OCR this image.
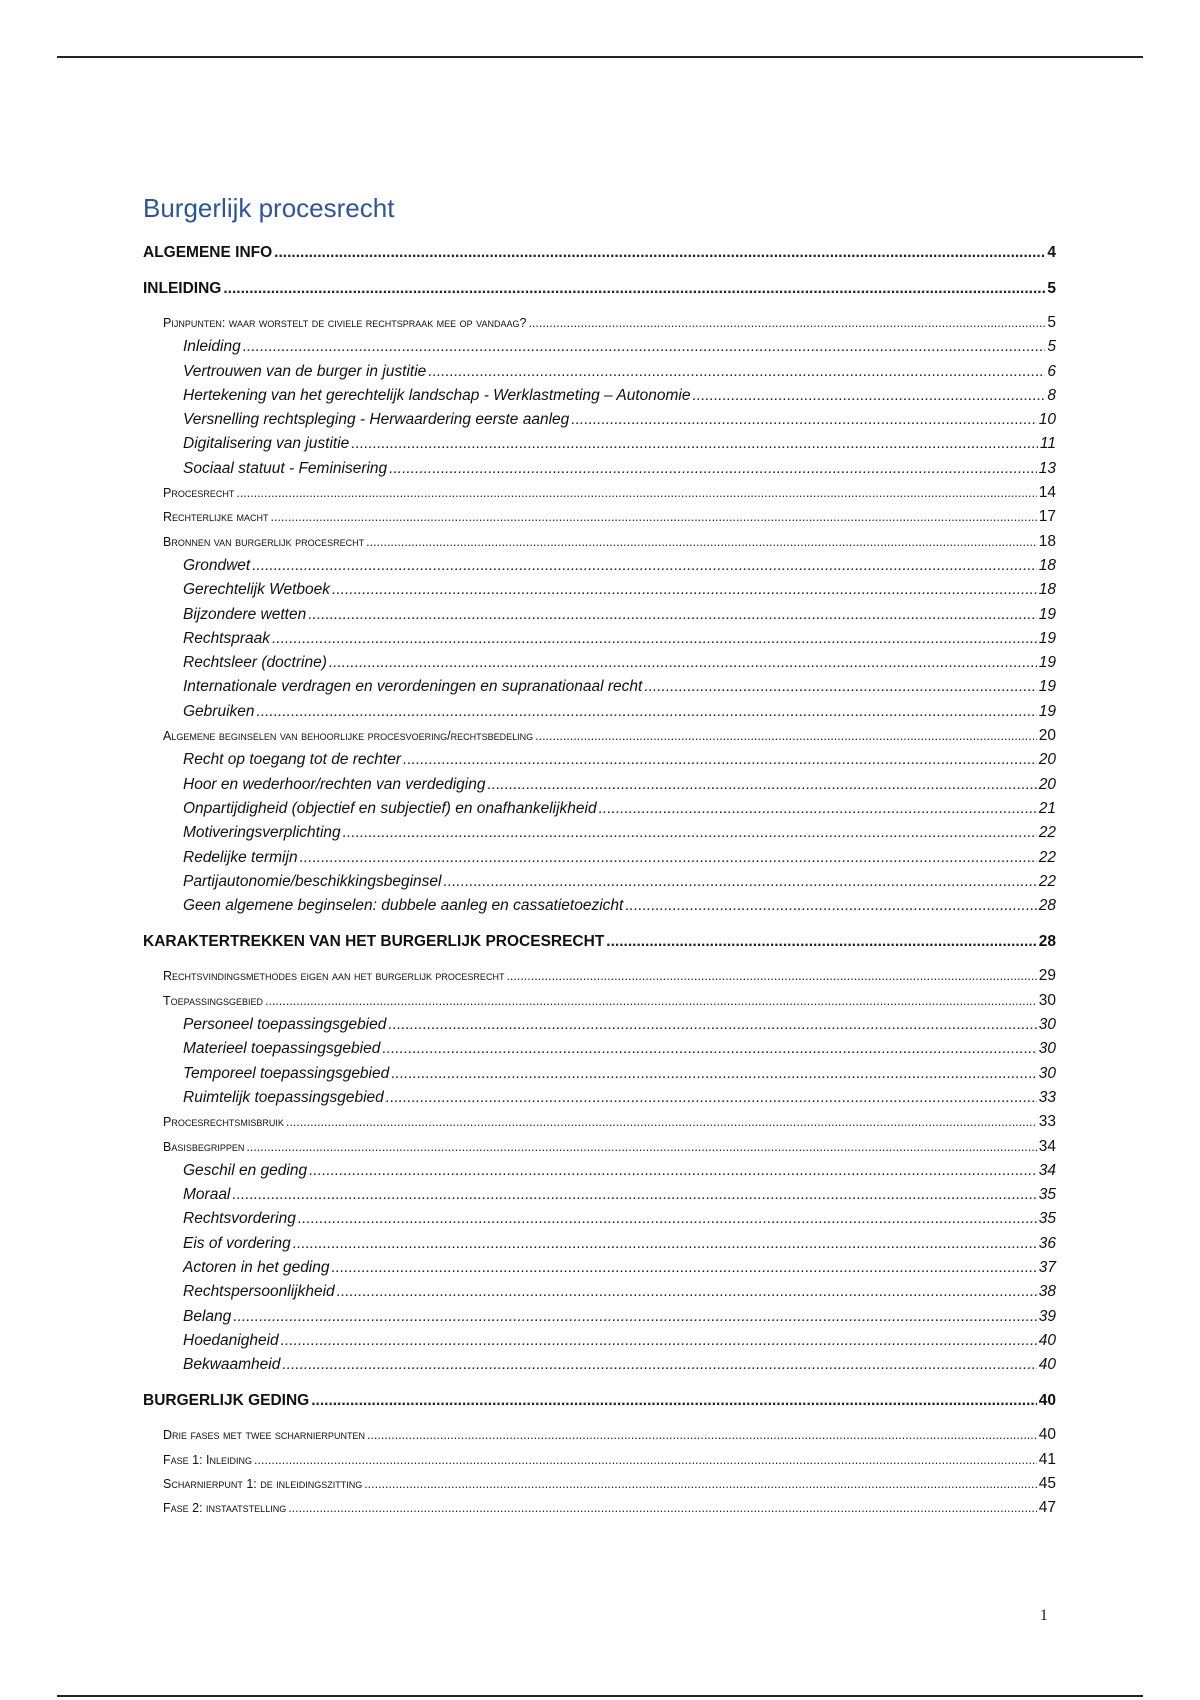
Burgerlijk procesrecht
ALGEMENE INFO .....	4
INLEIDING .....	5
Pijnpunten: waar worstelt de civiele rechtspraak mee op vandaag? .....	5
Inleiding .....	5
Vertrouwen van de burger in justitie .....	6
Hertekening van het gerechtelijk landschap - Werklastmeting – Autonomie .....	8
Versnelling rechtspleging - Herwaardering eerste aanleg .....	10
Digitalisering van justitie .....	11
Sociaal statuut - Feminisering .....	13
Procesrecht .....	14
Rechterlijke macht .....	17
Bronnen van burgerlijk procesrecht .....	18
Grondwet .....	18
Gerechtelijk Wetboek .....	18
Bijzondere wetten .....	19
Rechtspraak .....	19
Rechtsleer (doctrine) .....	19
Internationale verdragen en verordeningen en supranationaal recht .....	19
Gebruiken .....	19
Algemene beginselen van behoorlijke procesvoering/rechtsbedeling .....	20
Recht op toegang tot de rechter .....	20
Hoor en wederhoor/rechten van verdediging .....	20
Onpartijdigheid (objectief en subjectief) en onafhankelijkheid .....	21
Motiveringsverplichting .....	22
Redelijke termijn .....	22
Partijautonomie/beschikkingsbeginsel .....	22
Geen algemene beginselen: dubbele aanleg en cassatietoezicht .....	28
KARAKTERTREKKEN VAN HET BURGERLIJK PROCESRECHT .....	28
Rechtsvindingsmethodes eigen aan het burgerlijk procesrecht .....	29
Toepassingsgebied .....	30
Personeel toepassingsgebied .....	30
Materieel toepassingsgebied .....	30
Temporeel toepassingsgebied .....	30
Ruimtelijk toepassingsgebied .....	33
Procesrechtsmisbruik .....	33
Basisbegrippen .....	34
Geschil en geding .....	34
Moraal .....	35
Rechtsvordering .....	35
Eis of vordering .....	36
Actoren in het geding .....	37
Rechtspersoonlijkheid .....	38
Belang .....	39
Hoedanigheid .....	40
Bekwaamheid .....	40
BURGERLIJK GEDING .....	40
Drie fases met twee scharnierpunten .....	40
Fase 1: Inleiding .....	41
Scharnierpunt 1: de inleidingszitting .....	45
Fase 2: instaatstelling .....	47
1
